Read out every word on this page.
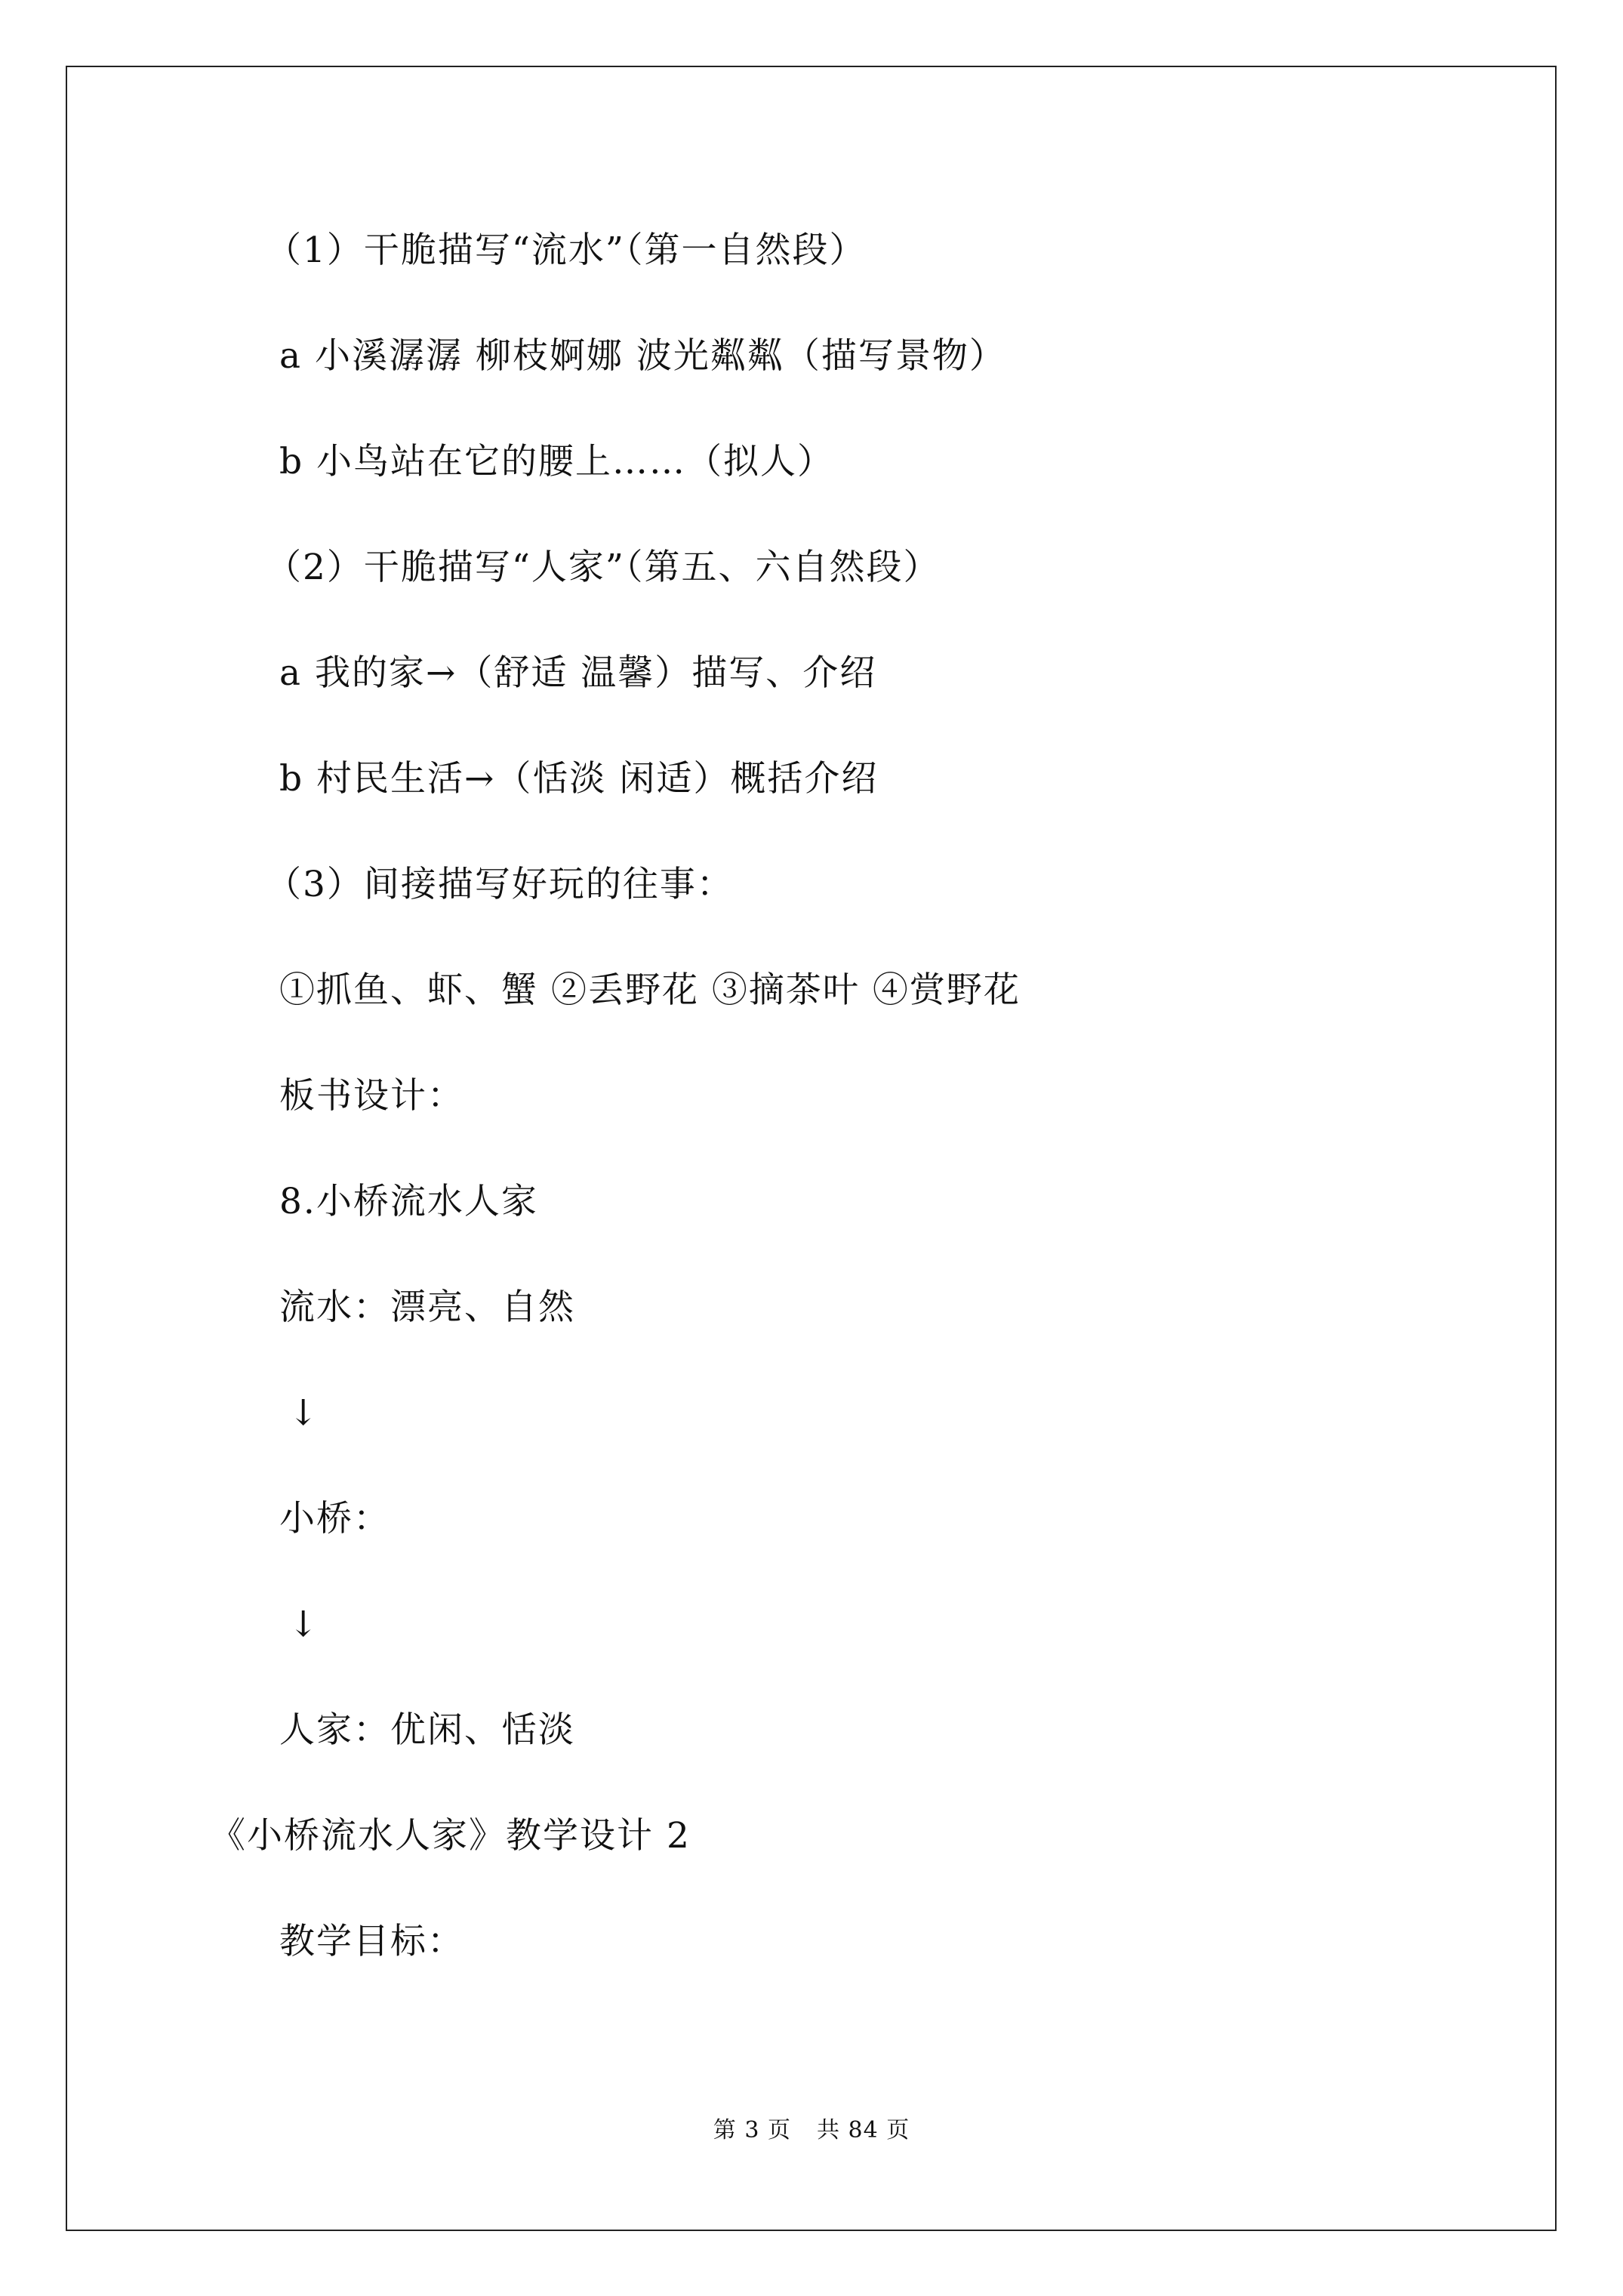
（1）干脆描写“流水”（第一自然段）
a 小溪潺潺 柳枝婀娜 波光粼粼（描写景物）
b 小鸟站在它的腰上……（拟人）
（2）干脆描写“人家”（第五、六自然段）
a 我的家→（舒适 温馨）描写、介绍
b 村民生活→（恬淡 闲适）概括介绍
（3）间接描写好玩的往事：
①抓鱼、虾、蟹 ②丢野花 ③摘茶叶 ④赏野花
板书设计：
8.小桥流水人家
流水：漂亮、自然
↓
小桥：
↓
人家：优闲、恬淡
《小桥流水人家》教学设计 2
教学目标：
第 3 页 共 84 页
